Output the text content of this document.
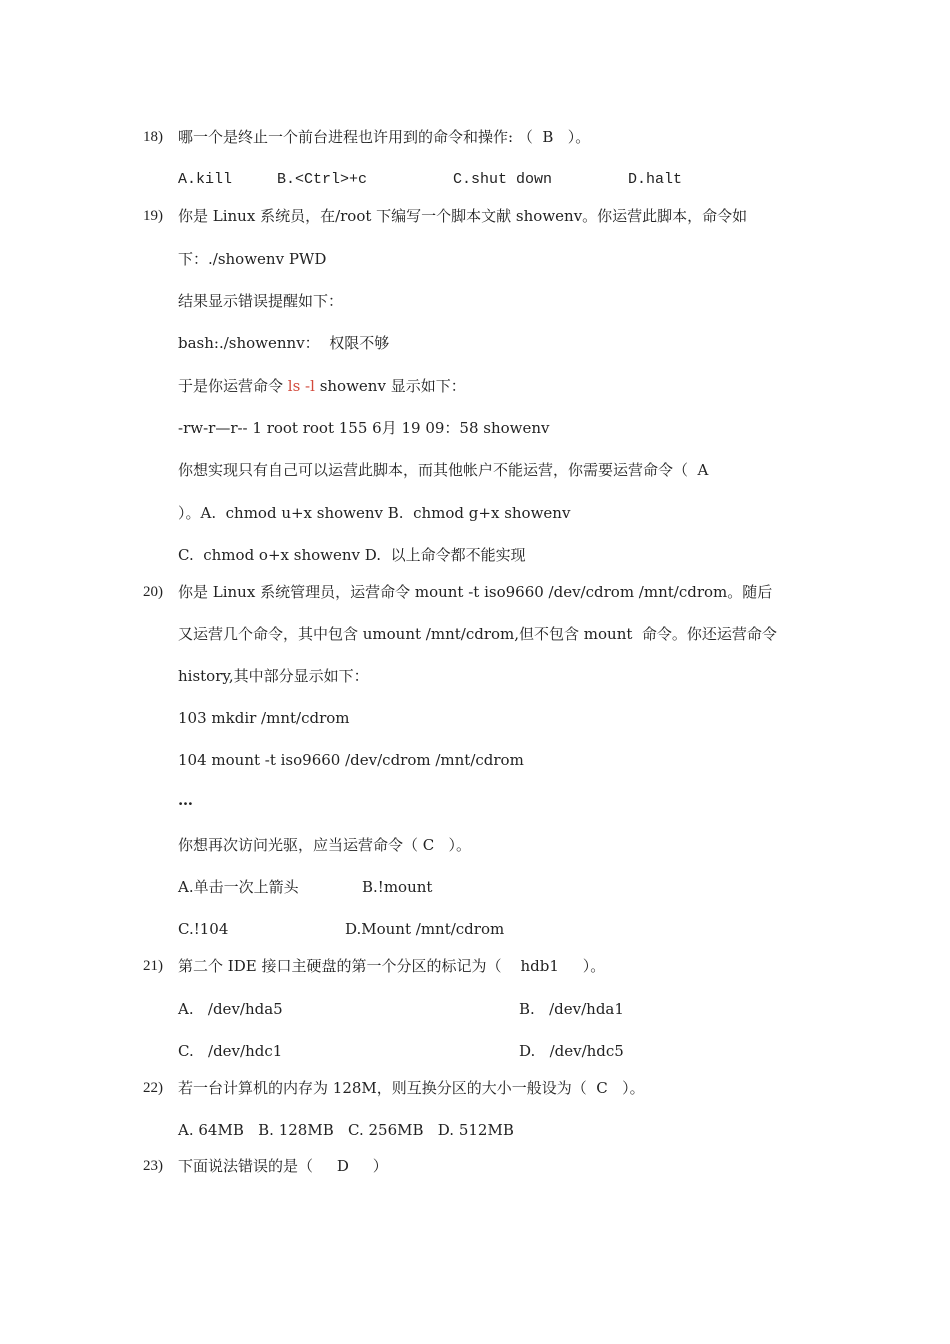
18) 哪一个是终止一个前台进程也许用到的命令和操作: （  B   ）。
A.kill	B.<Ctrl>+c	C.shut down	D.halt
19) 你是 Linux 系统员，在/root 下编写一个脚本文献 showenv。你运营此脚本，命令如
下：./showenv PWD
结果显示错误提醒如下：
bash:./showennv：  权限不够
于是你运营命令 ls -l showenv 显示如下：
-rw-r—r-- 1 root root 155 6月 19 09：58 showenv
你想实现只有自己可以运营此脚本，而其他帐户不能运营，你需要运营命令（  A
）。A.  chmod u+x showenv B.  chmod g+x showenv
C.  chmod o+x showenv D.  以上命令都不能实现
20) 你是 Linux 系统管理员，运营命令 mount -t iso9660 /dev/cdrom /mnt/cdrom。随后
又运营几个命令，其中包含 umount /mnt/cdrom,但不包含 mount  命令。你还运营命令
history,其中部分显示如下：
103 mkdir /mnt/cdrom
104 mount -t iso9660 /dev/cdrom /mnt/cdrom
…
你想再次访问光驱，应当运营命令（ C   ）。
A.单击一次上箭头	B.!mount
C.!104	D.Mount /mnt/cdrom
21) 第二个 IDE 接口主硬盘的第一个分区的标记为（    hdb1     ）。
A.   /dev/hda5	B.   /dev/hda1
C.   /dev/hdc1	D.   /dev/hdc5
22) 若一台计算机的内存为 128M，则互换分区的大小一般设为（  C   ）。
A. 64MB   B. 128MB   C. 256MB   D. 512MB
23) 下面说法错误的是（     D     ）
